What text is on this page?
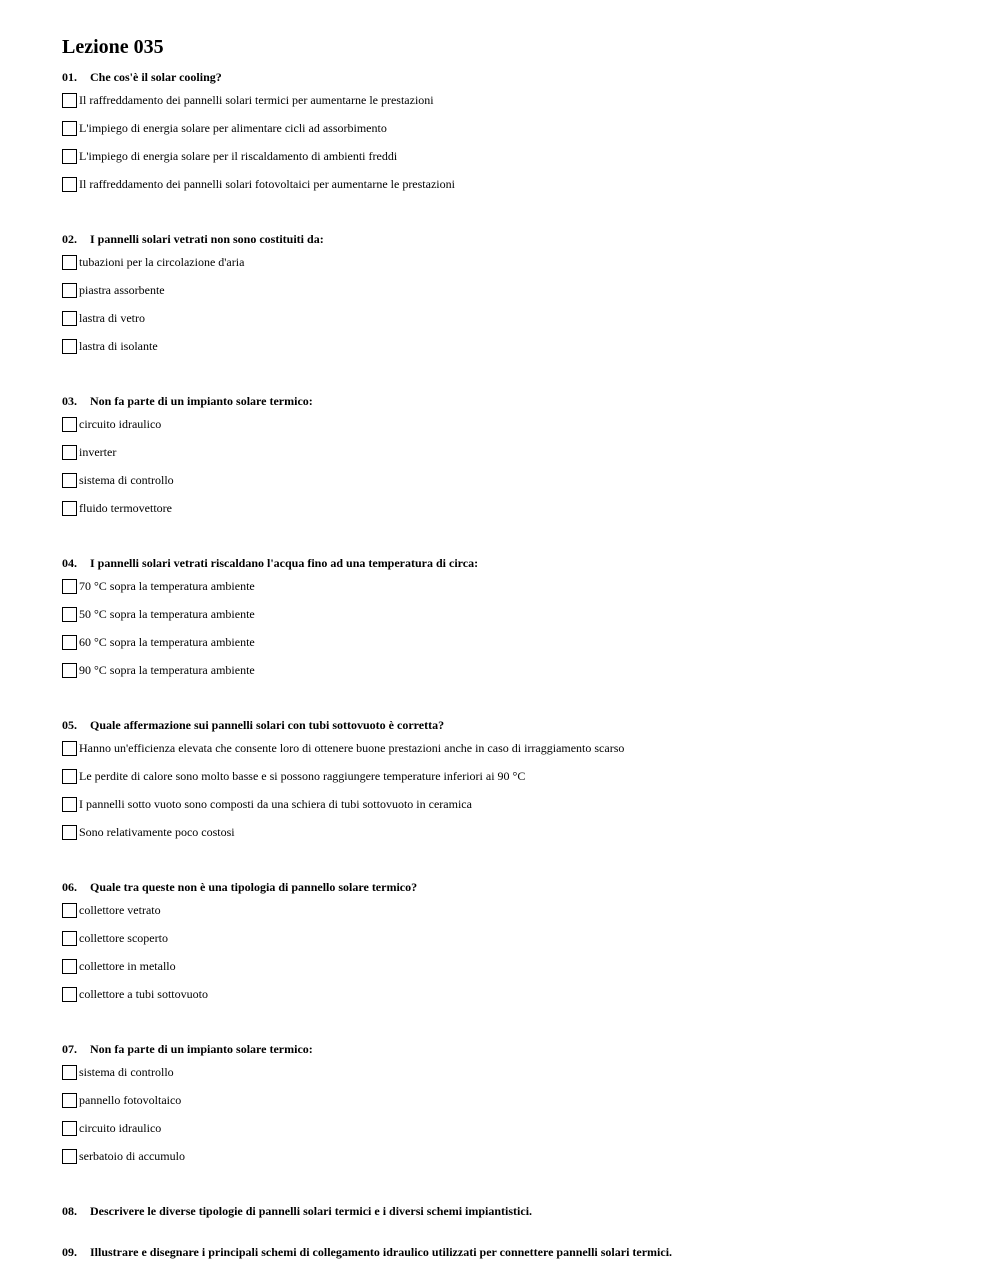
Lezione 035
01. Che cos'è il solar cooling?
Il raffreddamento dei pannelli solari termici per aumentarne le prestazioni
L'impiego di energia solare per alimentare cicli ad assorbimento
L'impiego di energia solare per il riscaldamento di ambienti freddi
Il raffreddamento dei pannelli solari fotovoltaici per aumentarne le prestazioni
02. I pannelli solari vetrati non sono costituiti da:
tubazioni per la circolazione d'aria
piastra assorbente
lastra di vetro
lastra di isolante
03. Non fa parte di un impianto solare termico:
circuito idraulico
inverter
sistema di controllo
fluido termovettore
04. I pannelli solari vetrati riscaldano l'acqua fino ad una temperatura di circa:
70 °C sopra la temperatura ambiente
50 °C sopra la temperatura ambiente
60 °C sopra la temperatura ambiente
90 °C sopra la temperatura ambiente
05. Quale affermazione sui pannelli solari con tubi sottovuoto è corretta?
Hanno un'efficienza elevata che consente loro di ottenere buone prestazioni anche in caso di irraggiamento scarso
Le perdite di calore sono molto basse e si possono raggiungere temperature inferiori ai 90 °C
I pannelli sotto vuoto sono composti da una schiera di tubi sottovuoto in ceramica
Sono relativamente poco costosi
06. Quale tra queste non è una tipologia di pannello solare termico?
collettore vetrato
collettore scoperto
collettore in metallo
collettore a tubi sottovuoto
07. Non fa parte di un impianto solare termico:
sistema di controllo
pannello fotovoltaico
circuito idraulico
serbatoio di accumulo
08. Descrivere le diverse tipologie di pannelli solari termici e i diversi schemi impiantistici.
09. Illustrare e disegnare i principali schemi di collegamento idraulico utilizzati per connettere pannelli solari termici.
